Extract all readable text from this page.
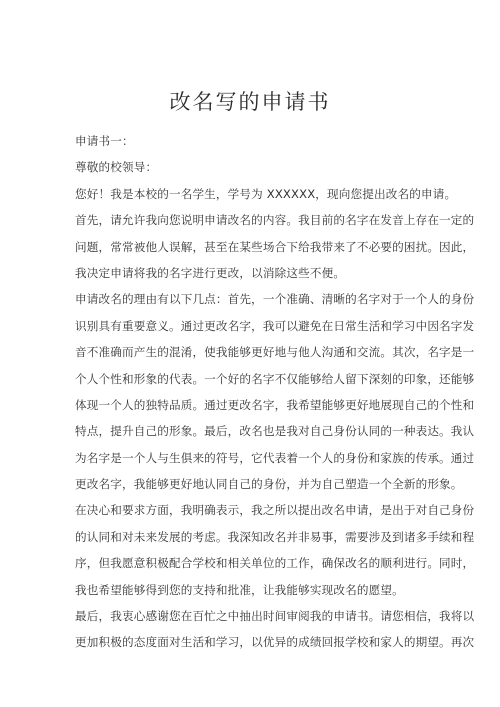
改名写的申请书
申请书一：
尊敬的校领导：
您好！我是本校的一名学生，学号为 XXXXXX，现向您提出改名的申请。
首先，请允许我向您说明申请改名的内容。我目前的名字在发音上存在一定的
问题，常常被他人误解，甚至在某些场合下给我带来了不必要的困扰。因此，
我决定申请将我的名字进行更改，以消除这些不便。
申请改名的理由有以下几点：首先，一个准确、清晰的名字对于一个人的身份
识别具有重要意义。通过更改名字，我可以避免在日常生活和学习中因名字发
音不准确而产生的混淆，使我能够更好地与他人沟通和交流。其次，名字是一
个人个性和形象的代表。一个好的名字不仅能够给人留下深刻的印象，还能够
体现一个人的独特品质。通过更改名字，我希望能够更好地展现自己的个性和
特点，提升自己的形象。最后，改名也是我对自己身份认同的一种表达。我认
为名字是一个人与生俱来的符号，它代表着一个人的身份和家族的传承。通过
更改名字，我能够更好地认同自己的身份，并为自己塑造一个全新的形象。
在决心和要求方面，我明确表示，我之所以提出改名申请，是出于对自己身份
的认同和对未来发展的考虑。我深知改名并非易事，需要涉及到诸多手续和程
序，但我愿意积极配合学校和相关单位的工作，确保改名的顺利进行。同时，
我也希望能够得到您的支持和批准，让我能够实现改名的愿望。
最后，我衷心感谢您在百忙之中抽出时间审阅我的申请书。请您相信，我将以
更加积极的态度面对生活和学习，以优异的成绩回报学校和家人的期望。再次
